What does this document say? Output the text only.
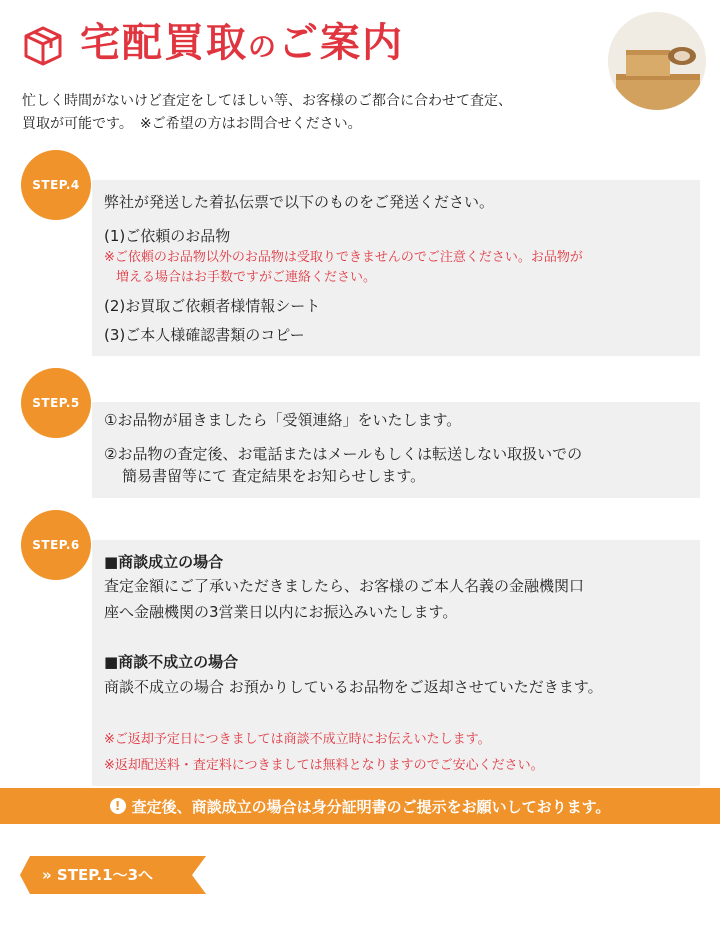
宅配買取のご案内

忙しく時間がないけど査定をしてほしい等、お客様のご都合に合わせて査定、

買取が可能です。　※ご希望の方はお問合せください。

弊社が発送した着払伝票で以下のものをご発送ください。

(1)ご依頼のお品物

※ご依頼のお品物以外のお品物は受取りできませんのでご注意ください。お品物が

増える場合はお手数ですがご連絡ください。

(2)お買取ご依頼者様情報シート

(3)ご本人様確認書類のコピー

STEP.4

①お品物が届きましたら「受領連絡」をいたします。

②お品物の査定後、お電話またはメールもしくは転送しない取扱いでの

簡易書留等にて 査定結果をお知らせします。

STEP.5

■商談成立の場合

査定金額にご了承いただきましたら、お客様のご本人名義の金融機関口

座へ金融機関の3営業日以内にお振込みいたします。

■商談不成立の場合

商談不成立の場合 お預かりしているお品物をご返却させていただきます。

※ご返却予定日につきましては商談不成立時にお伝えいたします。

※返却配送料・査定料につきましては無料となりますのでご安心ください。

STEP.6
! 査定後、商談成立の場合は身分証明書のご提示をお願いしております。
» STEP.1〜3へ
